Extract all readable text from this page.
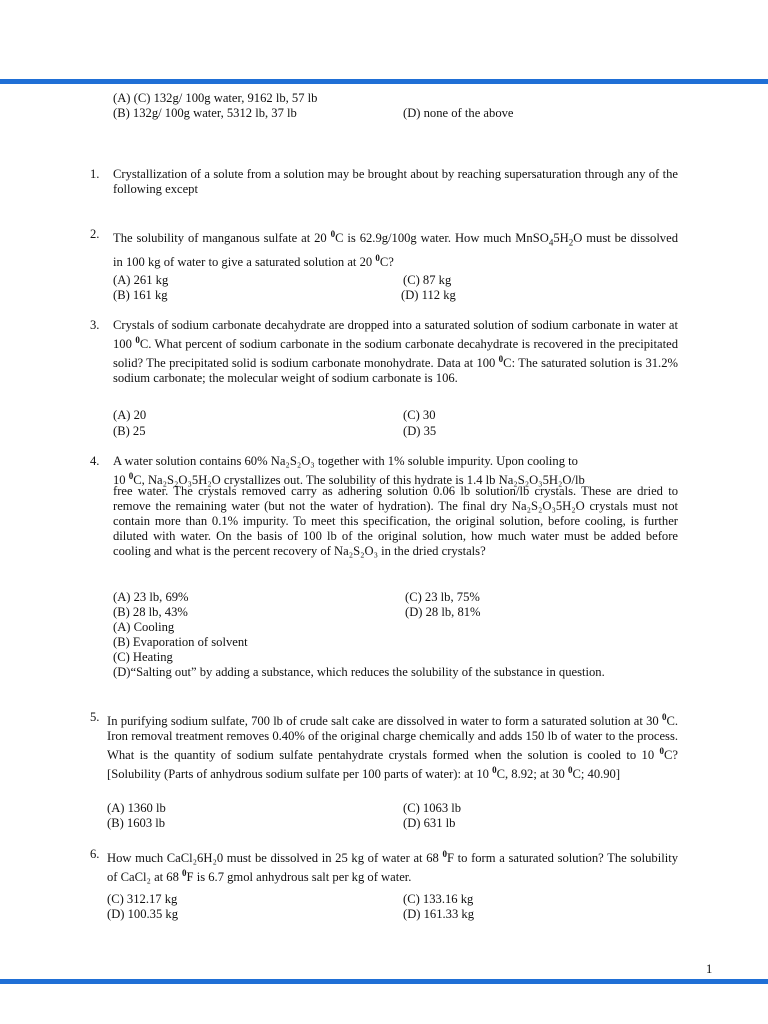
(A) (C) 132g/ 100g water, 9162 lb, 57 lb
(B) 132g/ 100g water, 5312 lb, 37 lb	(D) none of the above
1. Crystallization of a solute from a solution may be brought about by reaching supersaturation through any of the following except
2. The solubility of manganous sulfate at 20 $^0$C is 62.9g/100g water. How much $MnSO_45H_2O$ must be dissolved in 100 kg of water to give a saturated solution at 20 $^0$C?
(A) 261 kg	(C) 87 kg
(B) 161 kg	(D) 112 kg
3. Crystals of sodium carbonate decahydrate are dropped into a saturated solution of sodium carbonate in water at 100 $^0$C. What percent of sodium carbonate in the sodium carbonate decahydrate is recovered in the precipitated solid? The precipitated solid is sodium carbonate monohydrate. Data at 100 $^0$C: The saturated solution is 31.2% sodium carbonate; the molecular weight of sodium carbonate is 106.
(A) 20	(C) 30
(B) 25	(D) 35
4. A water solution contains 60% Na₂S₂O₃ together with 1% soluble impurity. Upon cooling to
10 $^0$C, Na₂S₂O₃5H₂O crystallizes out. The solubility of this hydrate is 1.4 lb Na₂S₂O₃5H₂O/lb
free water. The crystals removed carry as adhering solution 0.06 lb solution/lb crystals. These are dried to remove the remaining water (but not the water of hydration). The final dry Na₂S₂O₃5H₂O crystals must not contain more than 0.1% impurity. To meet this specification, the original solution, before cooling, is further diluted with water. On the basis of 100 lb of the original solution, how much water must be added before cooling and what is the percent recovery of Na₂S₂O₃ in the dried crystals?
(A) 23 lb, 69%	(C) 23 lb, 75%
(B) 28 lb, 43%	(D) 28 lb, 81%
(A) Cooling
(B) Evaporation of solvent
(C) Heating
(D)“Salting out” by adding a substance, which reduces the solubility of the substance in question.
5. In purifying sodium sulfate, 700 lb of crude salt cake are dissolved in water to form a saturated solution at 30 $^0$C. Iron removal treatment removes 0.40% of the original charge chemically and adds 150 lb of water to the process. What is the quantity of sodium sulfate pentahydrate crystals formed when the solution is cooled to 10 $^0$C? [Solubility (Parts of anhydrous sodium sulfate per 100 parts of water): at 10 $^0$C, 8.92; at 30 $^0$C; 40.90]
(A) 1360 lb	(C) 1063 lb
(B) 1603 lb	(D) 631 lb
6. How much CaCl₂6H₂0 must be dissolved in 25 kg of water at 68 $^0$F to form a saturated solution? The solubility of CaCl₂ at 68 $^0$F is 6.7 gmol anhydrous salt per kg of water.
(C) 312.17 kg	(C) 133.16 kg
(D) 100.35 kg	(D) 161.33 kg
1
